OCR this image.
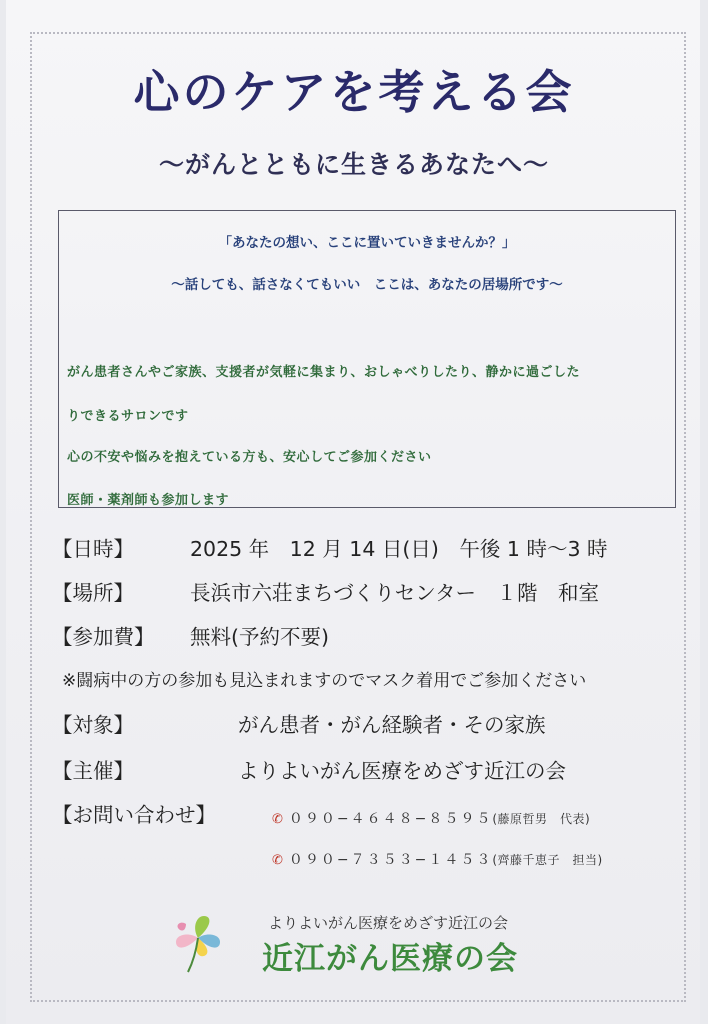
心のケアを考える会
〜がんとともに生きるあなたへ〜
「あなたの想い、ここに置いていきませんか？」
〜話しても、話さなくてもいい　ここは、あなたの居場所です〜
がん患者さんやご家族、支援者が気軽に集まり、おしゃべりしたり、静かに過ごした
りできるサロンです
心の不安や悩みを抱えている方も、安心してご参加ください
医師・薬剤師も参加します
【日時】	2025 年　12 月 14 日(日)　午後 1 時〜3 時
【場所】	長浜市六荘まちづくりセンター　１階　和室
【参加費】 無料(予約不要)
※闘病中の方の参加も見込まれますのでマスク着用でご参加ください
【対象】	がん患者・がん経験者・その家族
【主催】	よりよいがん医療をめざす近江の会
【お問い合わせ】	✆ ０９０−４６４８−８５９５(藤原哲男　代表)
✆ ０９０−７３５３−１４５３(齊藤千恵子　担当)
よりよいがん医療をめざす近江の会
近江がん医療の会
